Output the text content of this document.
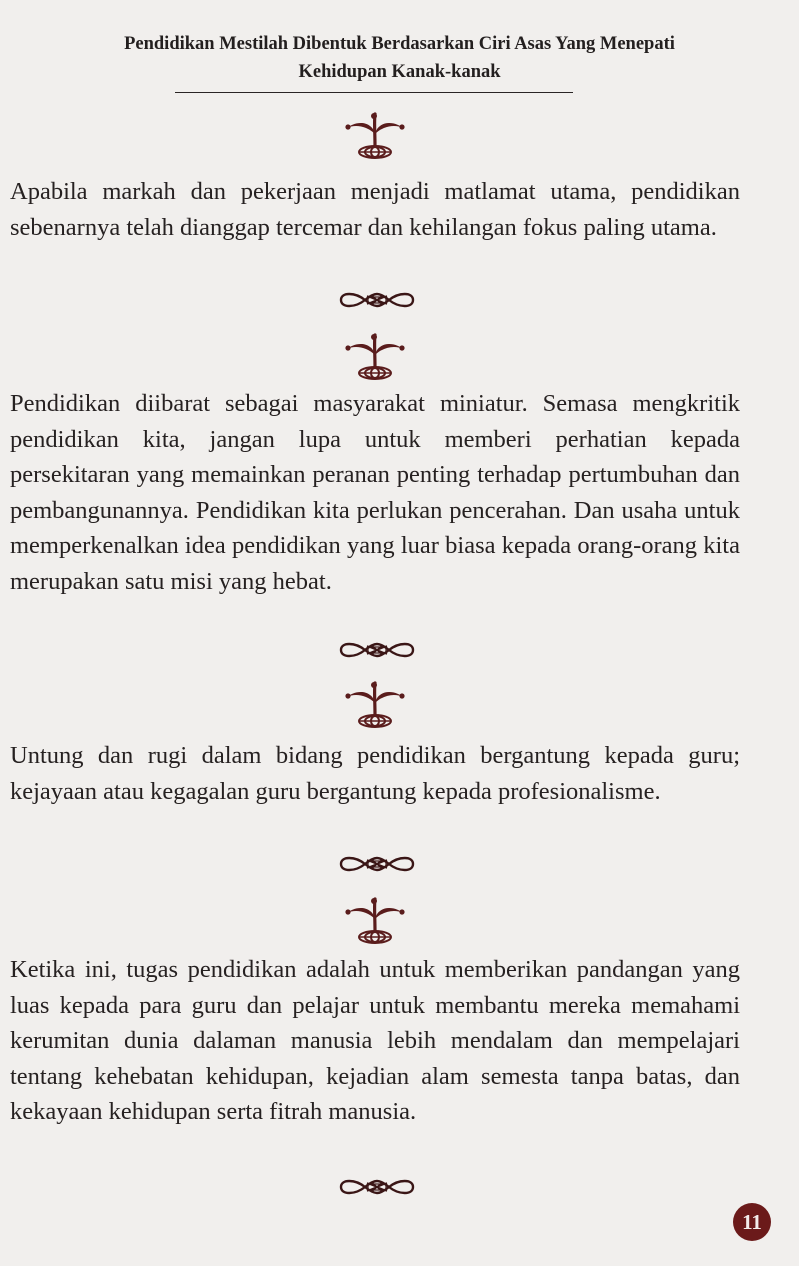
Pendidikan Mestilah Dibentuk Berdasarkan Ciri Asas Yang Menepati
Kehidupan Kanak-kanak

Apabila markah dan pekerjaan menjadi matlamat utama, pendidikan sebenarnya telah dianggap tercemar dan kehilangan fokus paling utama.

Pendidikan diibarat sebagai masyarakat miniatur. Semasa mengkritik pendidikan kita, jangan lupa untuk memberi perhatian kepada persekitaran yang memainkan peranan penting terhadap pertumbuhan dan pembangunannya. Pendidikan kita perlukan pencerahan. Dan usaha untuk memperkenalkan idea pendidikan yang luar biasa kepada orang-orang kita merupakan satu misi yang hebat.

Untung dan rugi dalam bidang pendidikan bergantung kepada guru; kejayaan atau kegagalan guru bergantung kepada profesionalisme.

Ketika ini, tugas pendidikan adalah untuk memberikan pandangan yang luas kepada para guru dan pelajar untuk membantu mereka memahami kerumitan dunia dalaman manusia lebih mendalam dan mempelajari tentang kehebatan kehidupan, kejadian alam semesta tanpa batas, dan kekayaan kehidupan serta fitrah manusia.

11
